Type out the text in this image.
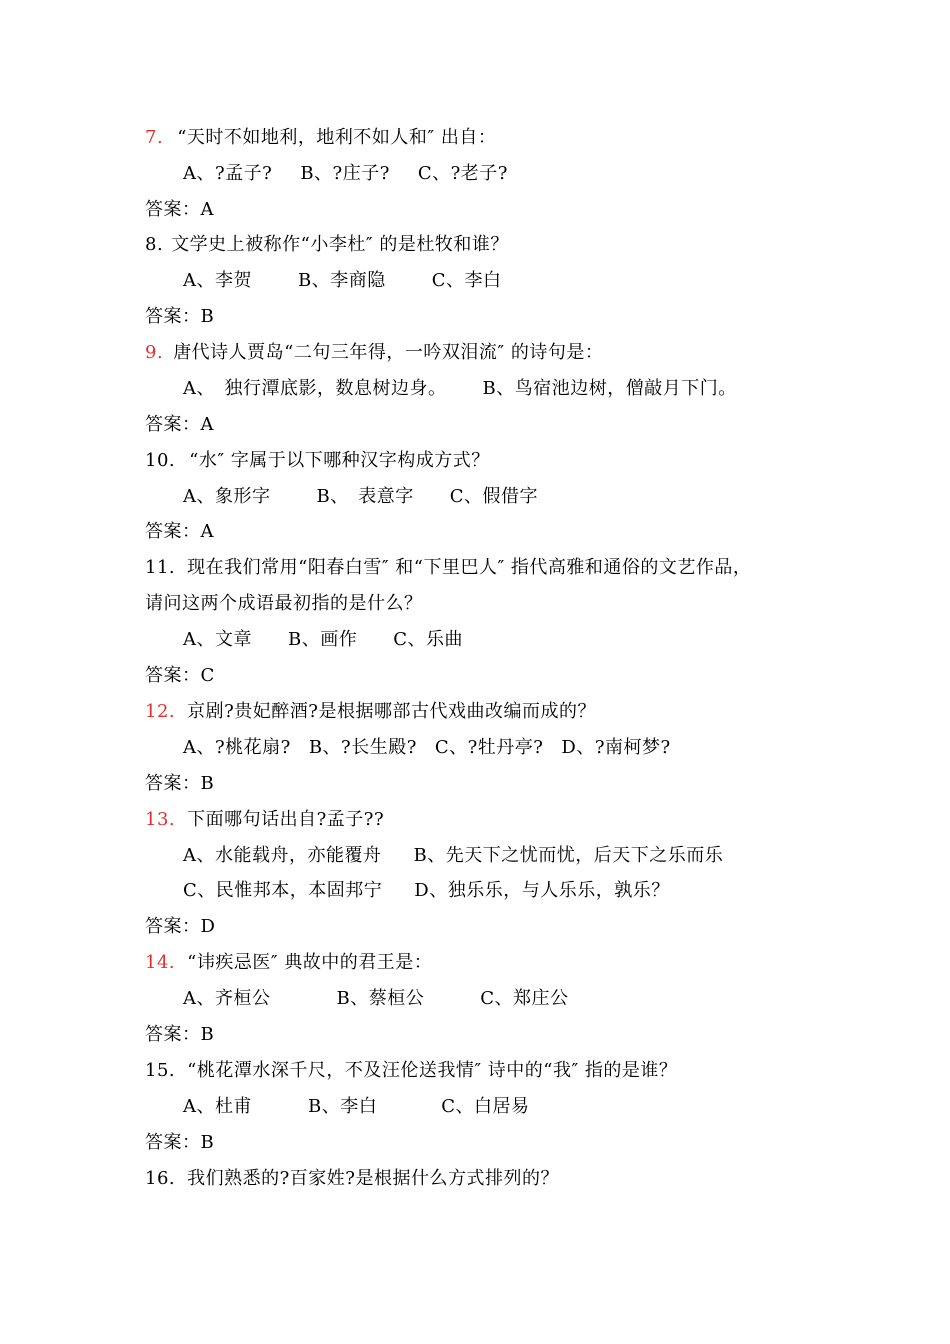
7. “天时不如地利，地利不如人和″ 出自：
A、?孟子? B、?庄子? C、?老子?
答案：A
8. 文学史上被称作“小李杜″ 的是杜牧和谁？
A、李贺	B、李商隐	C、李白
答案：B
9. 唐代诗人贾岛“二句三年得，一吟双泪流″ 的诗句是：
A、　独行潭底影，数息树边身。 B、鸟宿池边树，僧敲月下门。
答案：A
10. “水″ 字属于以下哪种汉字构成方式？
A、象形字	B、　表意字 C、假借字
答案：A
11. 现在我们常用“阳春白雪″ 和“下里巴人″ 指代高雅和通俗的文艺作品，
请问这两个成语最初指的是什么？
A、文章 B、画作 C、乐曲
答案：C
12. 京剧?贵妃醉酒?是根据哪部古代戏曲改编而成的？
A、?桃花扇? B、?长生殿? C、?牡丹亭? D、?南柯梦?
答案：B
13. 下面哪句话出自?孟子??
A、水能载舟，亦能覆舟 B、先天下之忧而忧，后天下之乐而乐
C、民惟邦本，本固邦宁 D、独乐乐，与人乐乐，孰乐？
答案：D
14. “讳疾忌医″ 典故中的君王是：
A、齐桓公	B、蔡桓公	C、郑庄公
答案：B
15. “桃花潭水深千尺，不及汪伦送我情″ 诗中的“我″ 指的是谁？
A、杜甫	B、李白	C、白居易
答案：B
16. 我们熟悉的?百家姓?是根据什么方式排列的？
